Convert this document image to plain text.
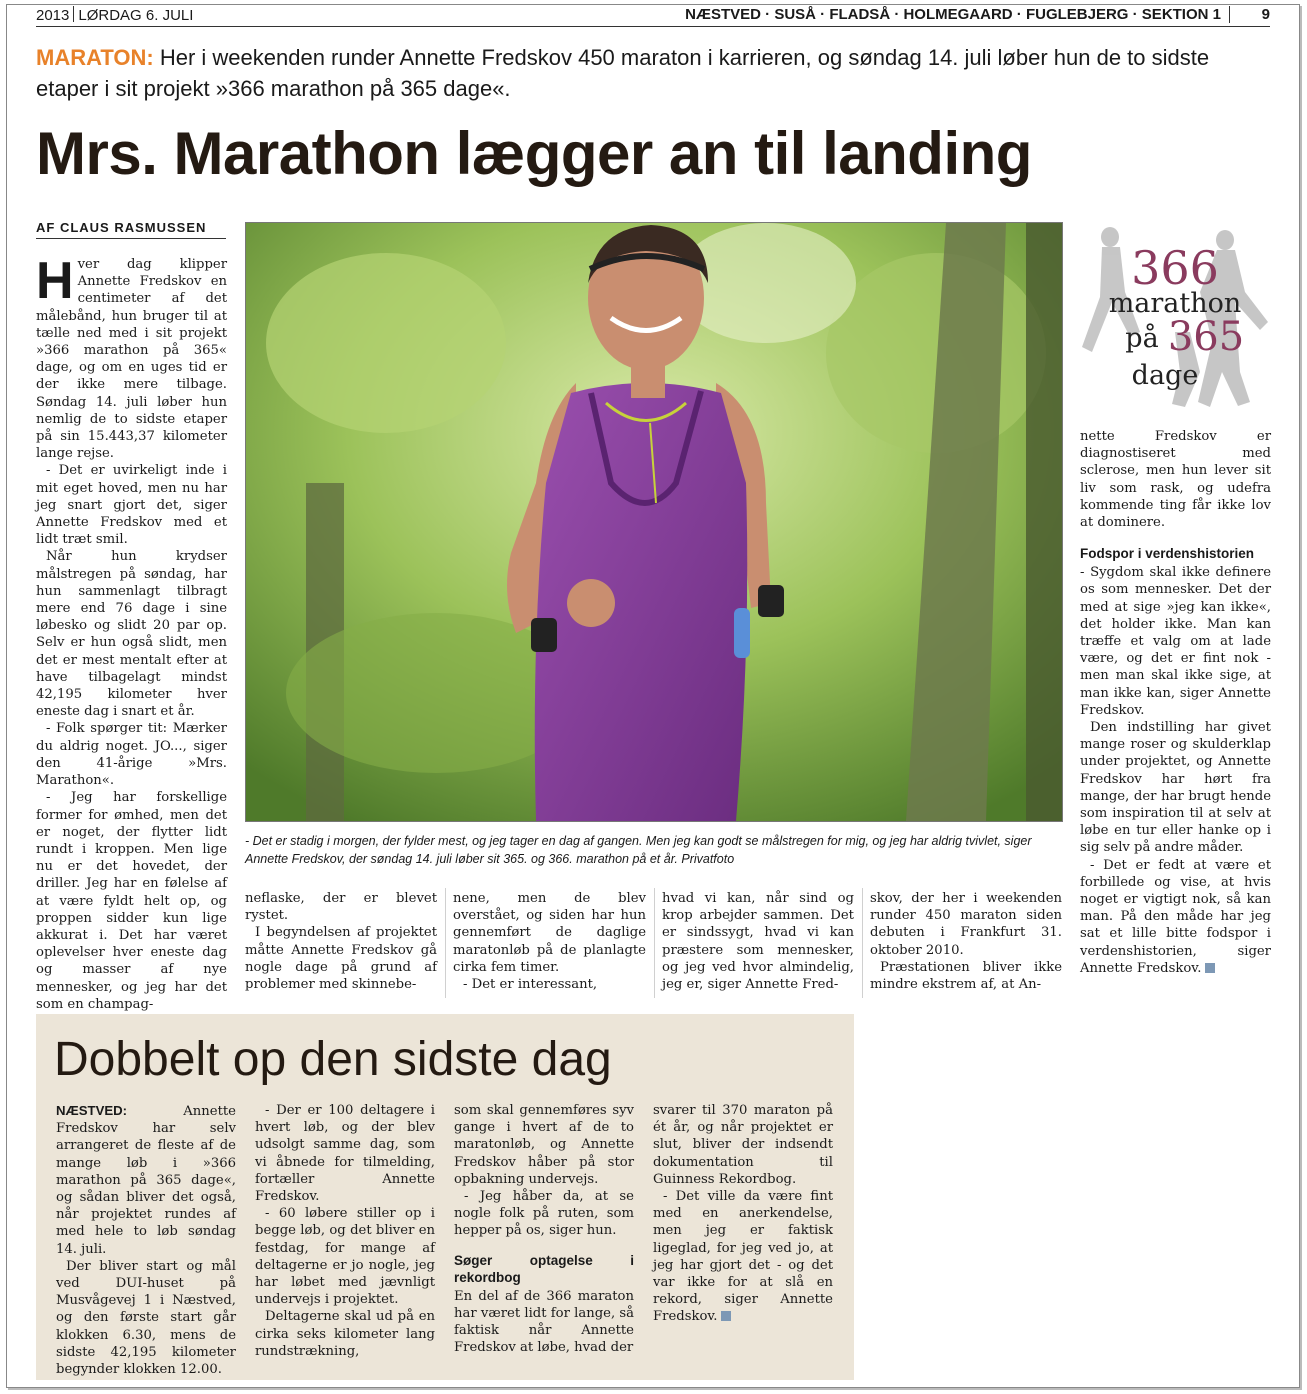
2013 LØRDAG 6. JULI	NÆSTVED · SUSÅ · FLADSÅ · HOLMEGAARD · FUGLEBJERG · SEKTION 1	9
MARATON: Her i weekenden runder Annette Fredskov 450 maraton i karrieren, og søndag 14. juli løber hun de to sidste etaper i sit projekt »366 marathon på 365 dage«.
Mrs. Marathon lægger an til landing
AF CLAUS RASMUSSEN

Hver dag klipper Annette Fredskov en centimeter af det målebånd, hun bruger til at tælle ned med i sit projekt »366 marathon på 365« dage, og om en uges tid er der ikke mere tilbage. Søndag 14. juli løber hun nemlig de to sidste etaper på sin 15.443,37 kilometer lange rejse.

- Det er uvirkeligt inde i mit eget hoved, men nu har jeg snart gjort det, siger Annette Fredskov med et lidt træt smil.

Når hun krydser målstregen på søndag, har hun sammenlagt tilbragt mere end 76 dage i sine løbesko og slidt 20 par op. Selv er hun også slidt, men det er mest mentalt efter at have tilbagelagt mindst 42,195 kilometer hver eneste dag i snart et år.

- Folk spørger tit: Mærker du aldrig noget. JO..., siger den 41-årige »Mrs. Marathon«.

- Jeg har forskellige former for ømhed, men det er noget, der flytter lidt rundt i kroppen. Men lige nu er det hovedet, der driller. Jeg har en følelse af at være fyldt helt op, og proppen sidder kun lige akkurat i. Det har været oplevelser hver eneste dag og masser af nye mennesker, og jeg har det som en champag-

- Det er stadig i morgen, der fylder mest, og jeg tager en dag af gangen. Men jeg kan godt se målstregen for mig, og jeg har aldrig tvivlet, siger Annette Fredskov, der søndag 14. juli løber sit 365. og 366. marathon på et år. Privatfoto
366
marathon
på 365
dage

neflaske, der er blevet rystet.

I begyndelsen af projektet måtte Annette Fredskov gå nogle dage på grund af problemer med skinnebe-

nene, men de blev overstået, og siden har hun gennemført de daglige maratonløb på de planlagte cirka fem timer.

- Det er interessant,

hvad vi kan, når sind og krop arbejder sammen. Det er sindssygt, hvad vi kan præstere som mennesker, og jeg ved hvor almindelig, jeg er, siger Annette Fred-

skov, der her i weekenden runder 450 maraton siden debuten i Frankfurt 31. oktober 2010.

Præstationen bliver ikke mindre ekstrem af, at An-

nette Fredskov er diagnostiseret med sclerose, men hun lever sit liv som rask, og udefra kommende ting får ikke lov at dominere.

Fodspor i verdenshistorien

- Sygdom skal ikke definere os som mennesker. Det der med at sige »jeg kan ikke«, det holder ikke. Man kan træffe et valg om at lade være, og det er fint nok - men man skal ikke sige, at man ikke kan, siger Annette Fredskov.

Den indstilling har givet mange roser og skulderklap under projektet, og Annette Fredskov har hørt fra mange, der har brugt hende som inspiration til at selv at løbe en tur eller hanke op i sig selv på andre måder.

- Det er fedt at være et forbillede og vise, at hvis noget er vigtigt nok, så kan man. På den måde har jeg sat et lille bitte fodspor i verdenshistorien, siger Annette Fredskov.

Dobbelt op den sidste dag

NÆSTVED: Annette Fredskov har selv arrangeret de fleste af de mange løb i »366 marathon på 365 dage«, og sådan bliver det også, når projektet rundes af med hele to løb søndag 14. juli.

Der bliver start og mål ved DUI-huset på Musvågevej 1 i Næstved, og den første start går klokken 6.30, mens de sidste 42,195 kilometer begynder klokken 12.00.

- Der er 100 deltagere i hvert løb, og der blev udsolgt samme dag, som vi åbnede for tilmelding, fortæller Annette Fredskov.

- 60 løbere stiller op i begge løb, og det bliver en festdag, for mange af deltagerne er jo nogle, jeg har løbet med jævnligt undervejs i projektet.

Deltagerne skal ud på en cirka seks kilometer lang rundstrækning,

som skal gennemføres syv gange i hvert af de to maratonløb, og Annette Fredskov håber på stor opbakning undervejs.

- Jeg håber da, at se nogle folk på ruten, som hepper på os, siger hun.

Søger optagelse i rekordbog

En del af de 366 maraton har været lidt for lange, så faktisk når Annette Fredskov at løbe, hvad der

svarer til 370 maraton på ét år, og når projektet er slut, bliver der indsendt dokumentation til Guinness Rekordbog.

- Det ville da være fint med en anerkendelse, men jeg er faktisk ligeglad, for jeg ved jo, at jeg har gjort det - og det var ikke for at slå en rekord, siger Annette Fredskov.
